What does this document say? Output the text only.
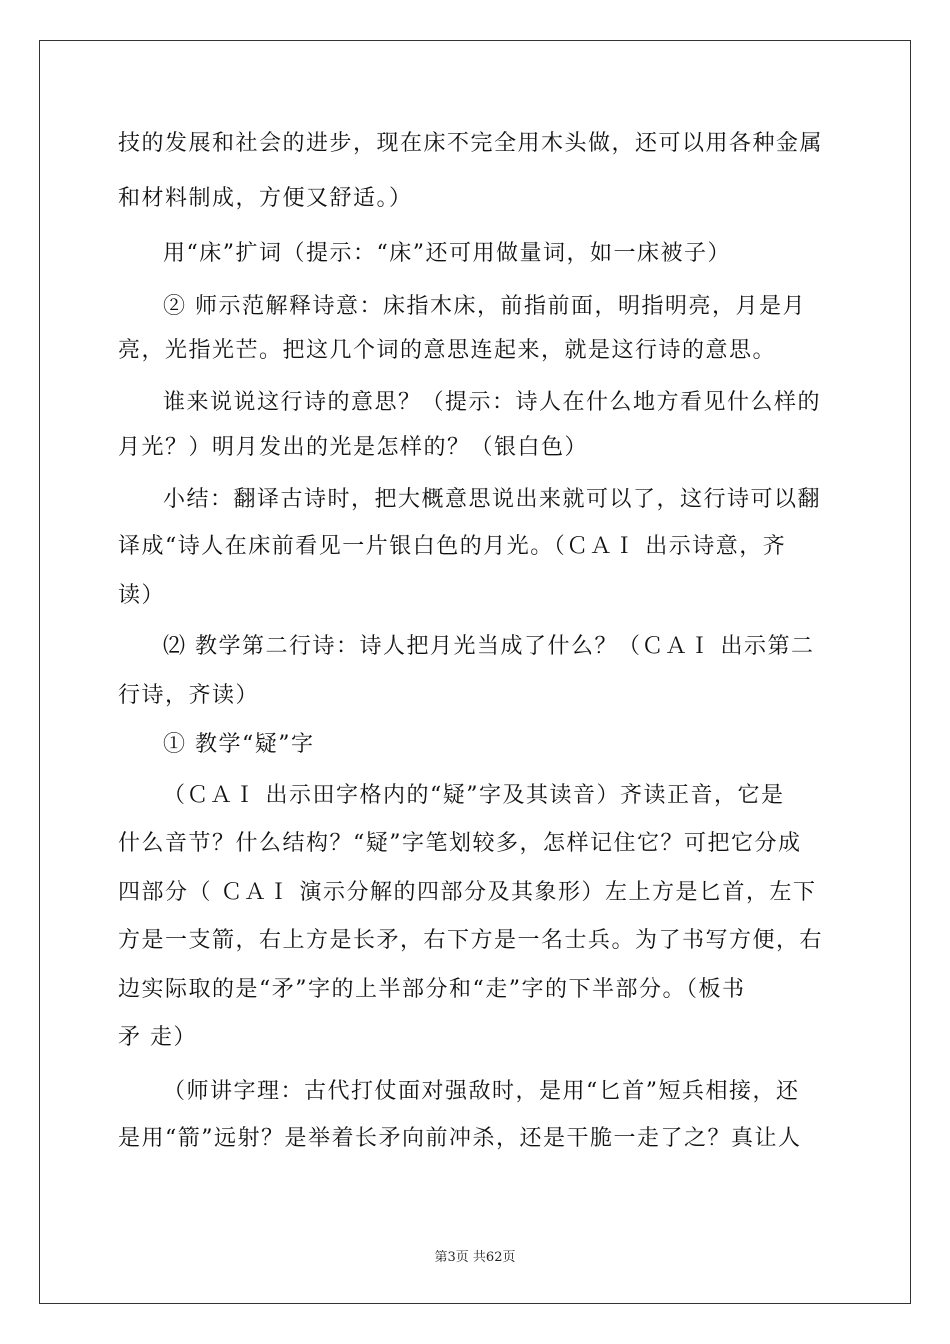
技的发展和社会的进步，现在床不完全用木头做，还可以用各种金属
和材料制成，方便又舒适。）
用“床”扩词（提示：“床”还可用做量词，如一床被子）
② 师示范解释诗意：床指木床，前指前面，明指明亮，月是月
亮，光指光芒。把这几个词的意思连起来，就是这行诗的意思。
谁来说说这行诗的意思？（提示：诗人在什么地方看见什么样的
月光？）明月发出的光是怎样的？（银白色）
小结：翻译古诗时，把大概意思说出来就可以了，这行诗可以翻
译成“诗人在床前看见一片银白色的月光。（ＣＡＩ 出示诗意，齐
读）
⑵ 教学第二行诗：诗人把月光当成了什么？（ＣＡＩ 出示第二
行诗，齐读）
① 教学“疑”字
（ＣＡＩ 出示田字格内的“疑”字及其读音）齐读正音，它是
什么音节？什么结构？“疑”字笔划较多，怎样记住它？可把它分成
四部分（ ＣＡＩ 演示分解的四部分及其象形）左上方是匕首，左下
方是一支箭，右上方是长矛，右下方是一名士兵。为了书写方便，右
边实际取的是“矛”字的上半部分和“走”字的下半部分。（板书
矛 走）
（师讲字理：古代打仗面对强敌时，是用“匕首”短兵相接，还
是用“箭”远射？是举着长矛向前冲杀，还是干脆一走了之？真让人
第3页 共62页
